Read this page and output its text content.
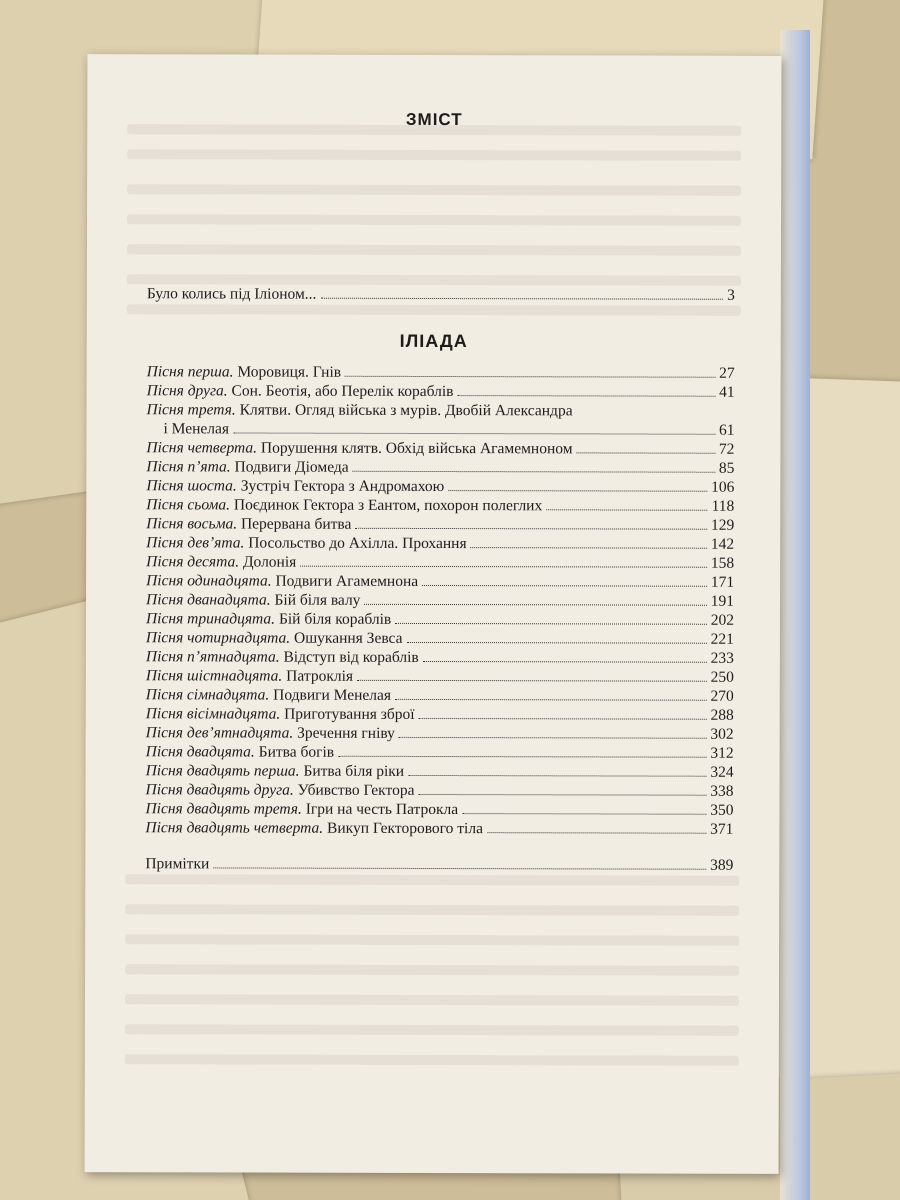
ЗМІСТ
Було колись під Іліоном...	3
ІЛІАДА
Пісня перша. Моровиця. Гнів	27
Пісня друга. Сон. Беотія, або Перелік кораблів	41
Пісня третя. Клятви. Огляд війська з мурів. Двобій Александра
і Менелая	61
Пісня четверта. Порушення клятв. Обхід війська Агамемноном	72
Пісня п’ята. Подвиги Діомеда	85
Пісня шоста. Зустріч Гектора з Андромахою	106
Пісня сьома. Поєдинок Гектора з Еантом, похорон полеглих	118
Пісня восьма. Перервана битва	129
Пісня дев’ята. Посольство до Ахілла. Прохання	142
Пісня десята. Долонія	158
Пісня одинадцята. Подвиги Агамемнона	171
Пісня дванадцята. Бій біля валу	191
Пісня тринадцята. Бій біля кораблів	202
Пісня чотирнадцята. Ошукання Зевса	221
Пісня п’ятнадцята. Відступ від кораблів	233
Пісня шістнадцята. Патроклія	250
Пісня сімнадцята. Подвиги Менелая	270
Пісня вісімнадцята. Приготування зброї	288
Пісня дев’ятнадцята. Зречення гніву	302
Пісня двадцята. Битва богів	312
Пісня двадцять перша. Битва біля ріки	324
Пісня двадцять друга. Убивство Гектора	338
Пісня двадцять третя. Ігри на честь Патрокла	350
Пісня двадцять четверта. Викуп Гекторового тіла	371
Примітки	389
